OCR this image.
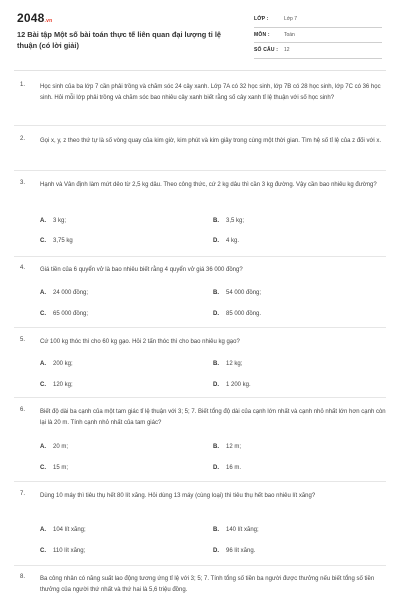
2048.vn
12 Bài tập Một số bài toán thực tế liên quan đại lượng tỉ lệ thuận (có lời giải)
LỚP :	Lớp 7
MÔN :	Toán
SỐ CÂU : 12
1. Học sinh của ba lớp 7 cần phải trồng và chăm sóc 24 cây xanh. Lớp 7A có 32 học sinh, lớp 7B có 28 học sinh, lớp 7C có 36 học sinh. Hỏi mỗi lớp phải trồng và chăm sóc bao nhiêu cây xanh biết rằng số cây xanh tỉ lệ thuận với số học sinh?
2. Gọi x, y, z theo thứ tự là số vòng quay của kim giờ, kim phút và kim giây trong cùng một thời gian. Tìm hệ số tỉ lệ của z đối với x.
3. Hạnh và Vân định làm mứt dẻo từ 2,5 kg dâu. Theo công thức, cứ 2 kg dâu thì cần 3 kg đường. Vậy cần bao nhiêu kg đường?
A. 3 kg;	B. 3,5 kg;
C. 3,75 kg	D. 4 kg.
4. Giá tiền của 6 quyển vở là bao nhiêu biết rằng 4 quyển vở giá 36 000 đồng?
A. 24 000 đồng;	B. 54 000 đồng;
C. 65 000 đồng;	D. 85 000 đồng.
5. Cứ 100 kg thóc thì cho 60 kg gạo. Hỏi 2 tấn thóc thì cho bao nhiêu kg gạo?
A. 200 kg;	B. 12 kg;
C. 120 kg;	D. 1 200 kg.
6. Biết độ dài ba cạnh của một tam giác tỉ lệ thuận với 3; 5; 7. Biết tổng độ dài của cạnh lớn nhất và cạnh nhỏ nhất lớn hơn cạnh còn lại là 20 m. Tính cạnh nhỏ nhất của tam giác?
A. 20 m;	B. 12 m;
C. 15 m;	D. 16 m.
7. Dùng 10 máy thì tiêu thụ hết 80 lít xăng. Hỏi dùng 13 máy (cùng loại) thì tiêu thụ hết bao nhiêu lít xăng?
A. 104 lít xăng;	B. 140 lít xăng;
C. 110 lít xăng;	D. 96 lít xăng.
8. Ba công nhân có năng suất lao động tương ứng tỉ lệ với 3; 5; 7. Tính tổng số tiền ba người được thưởng nếu biết tổng số tiền thưởng của người thứ nhất và thứ hai là 5,6 triệu đồng.
